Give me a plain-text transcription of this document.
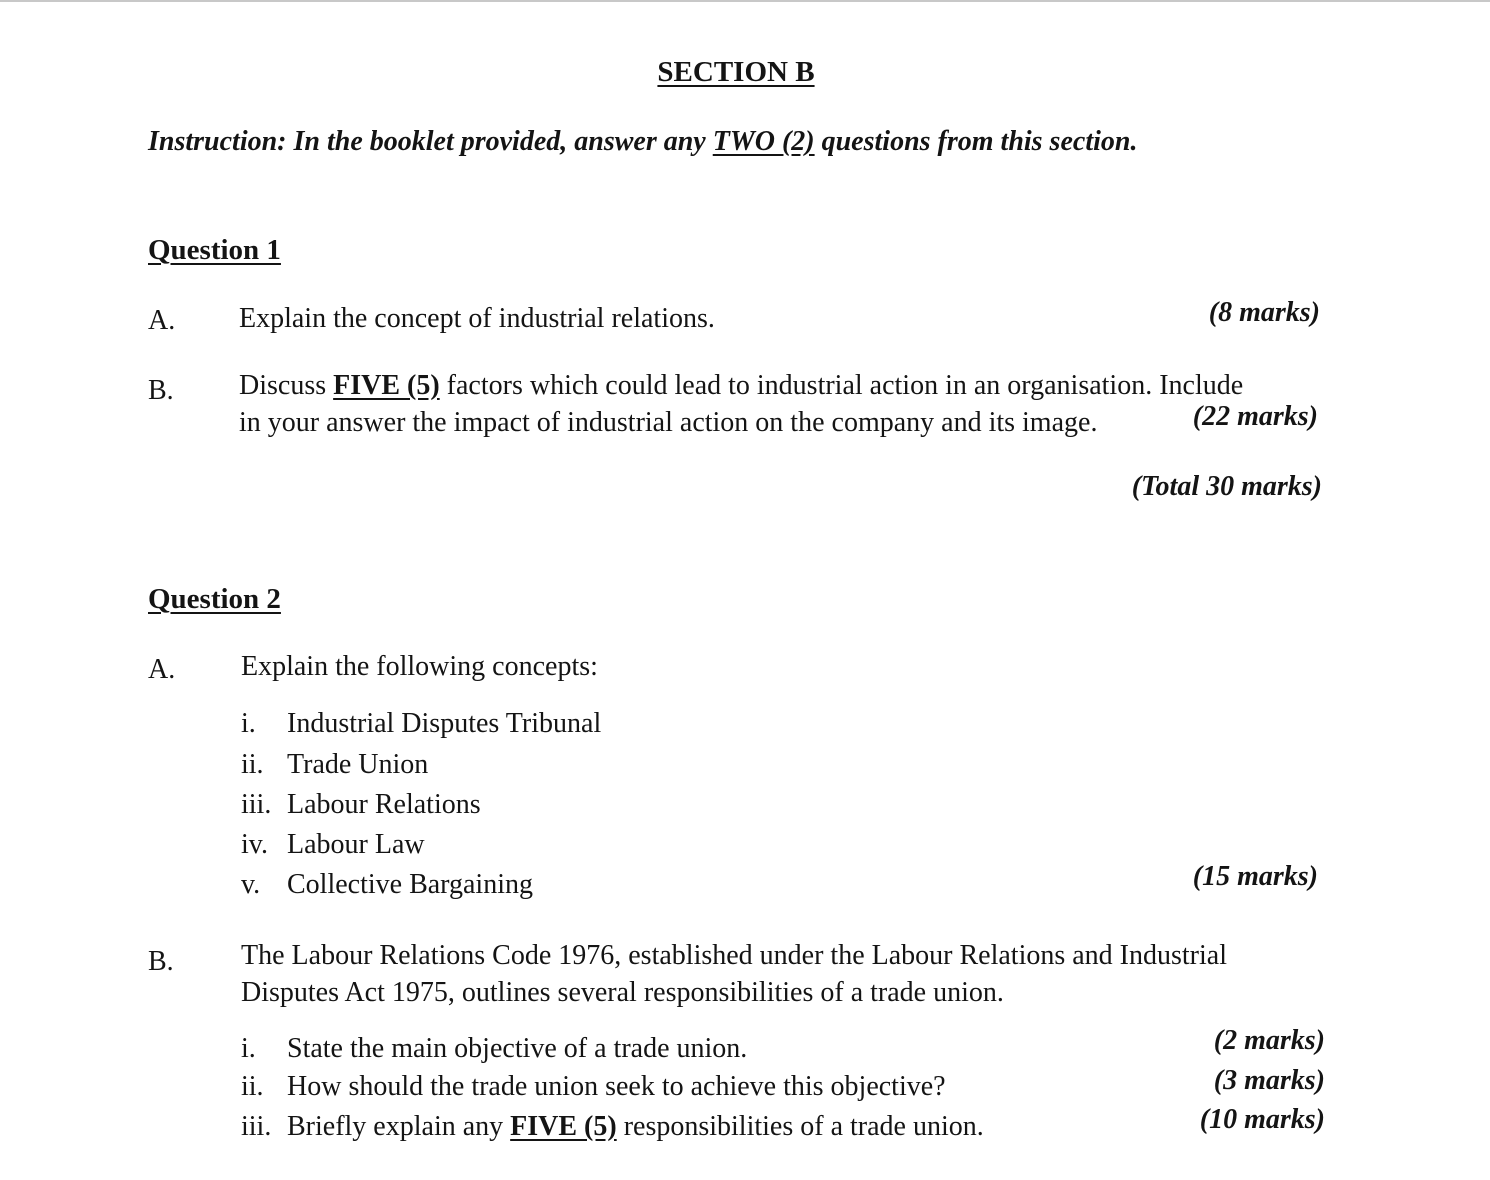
SECTION B
Instruction: In the booklet provided, answer any TWO (2) questions from this section.
Question 1
A. Explain the concept of industrial relations.	(8 marks)
B. Discuss FIVE (5) factors which could lead to industrial action in an organisation. Include
in your answer the impact of industrial action on the company and its image.	(22 marks)
(Total 30 marks)
Question 2
A. Explain the following concepts:
i. Industrial Disputes Tribunal
ii. Trade Union
iii. Labour Relations
iv. Labour Law
v. Collective Bargaining	(15 marks)
B. The Labour Relations Code 1976, established under the Labour Relations and Industrial
Disputes Act 1975, outlines several responsibilities of a trade union.
i. State the main objective of a trade union.	(2 marks)
ii. How should the trade union seek to achieve this objective?	(3 marks)
iii. Briefly explain any FIVE (5) responsibilities of a trade union.	(10 marks)
